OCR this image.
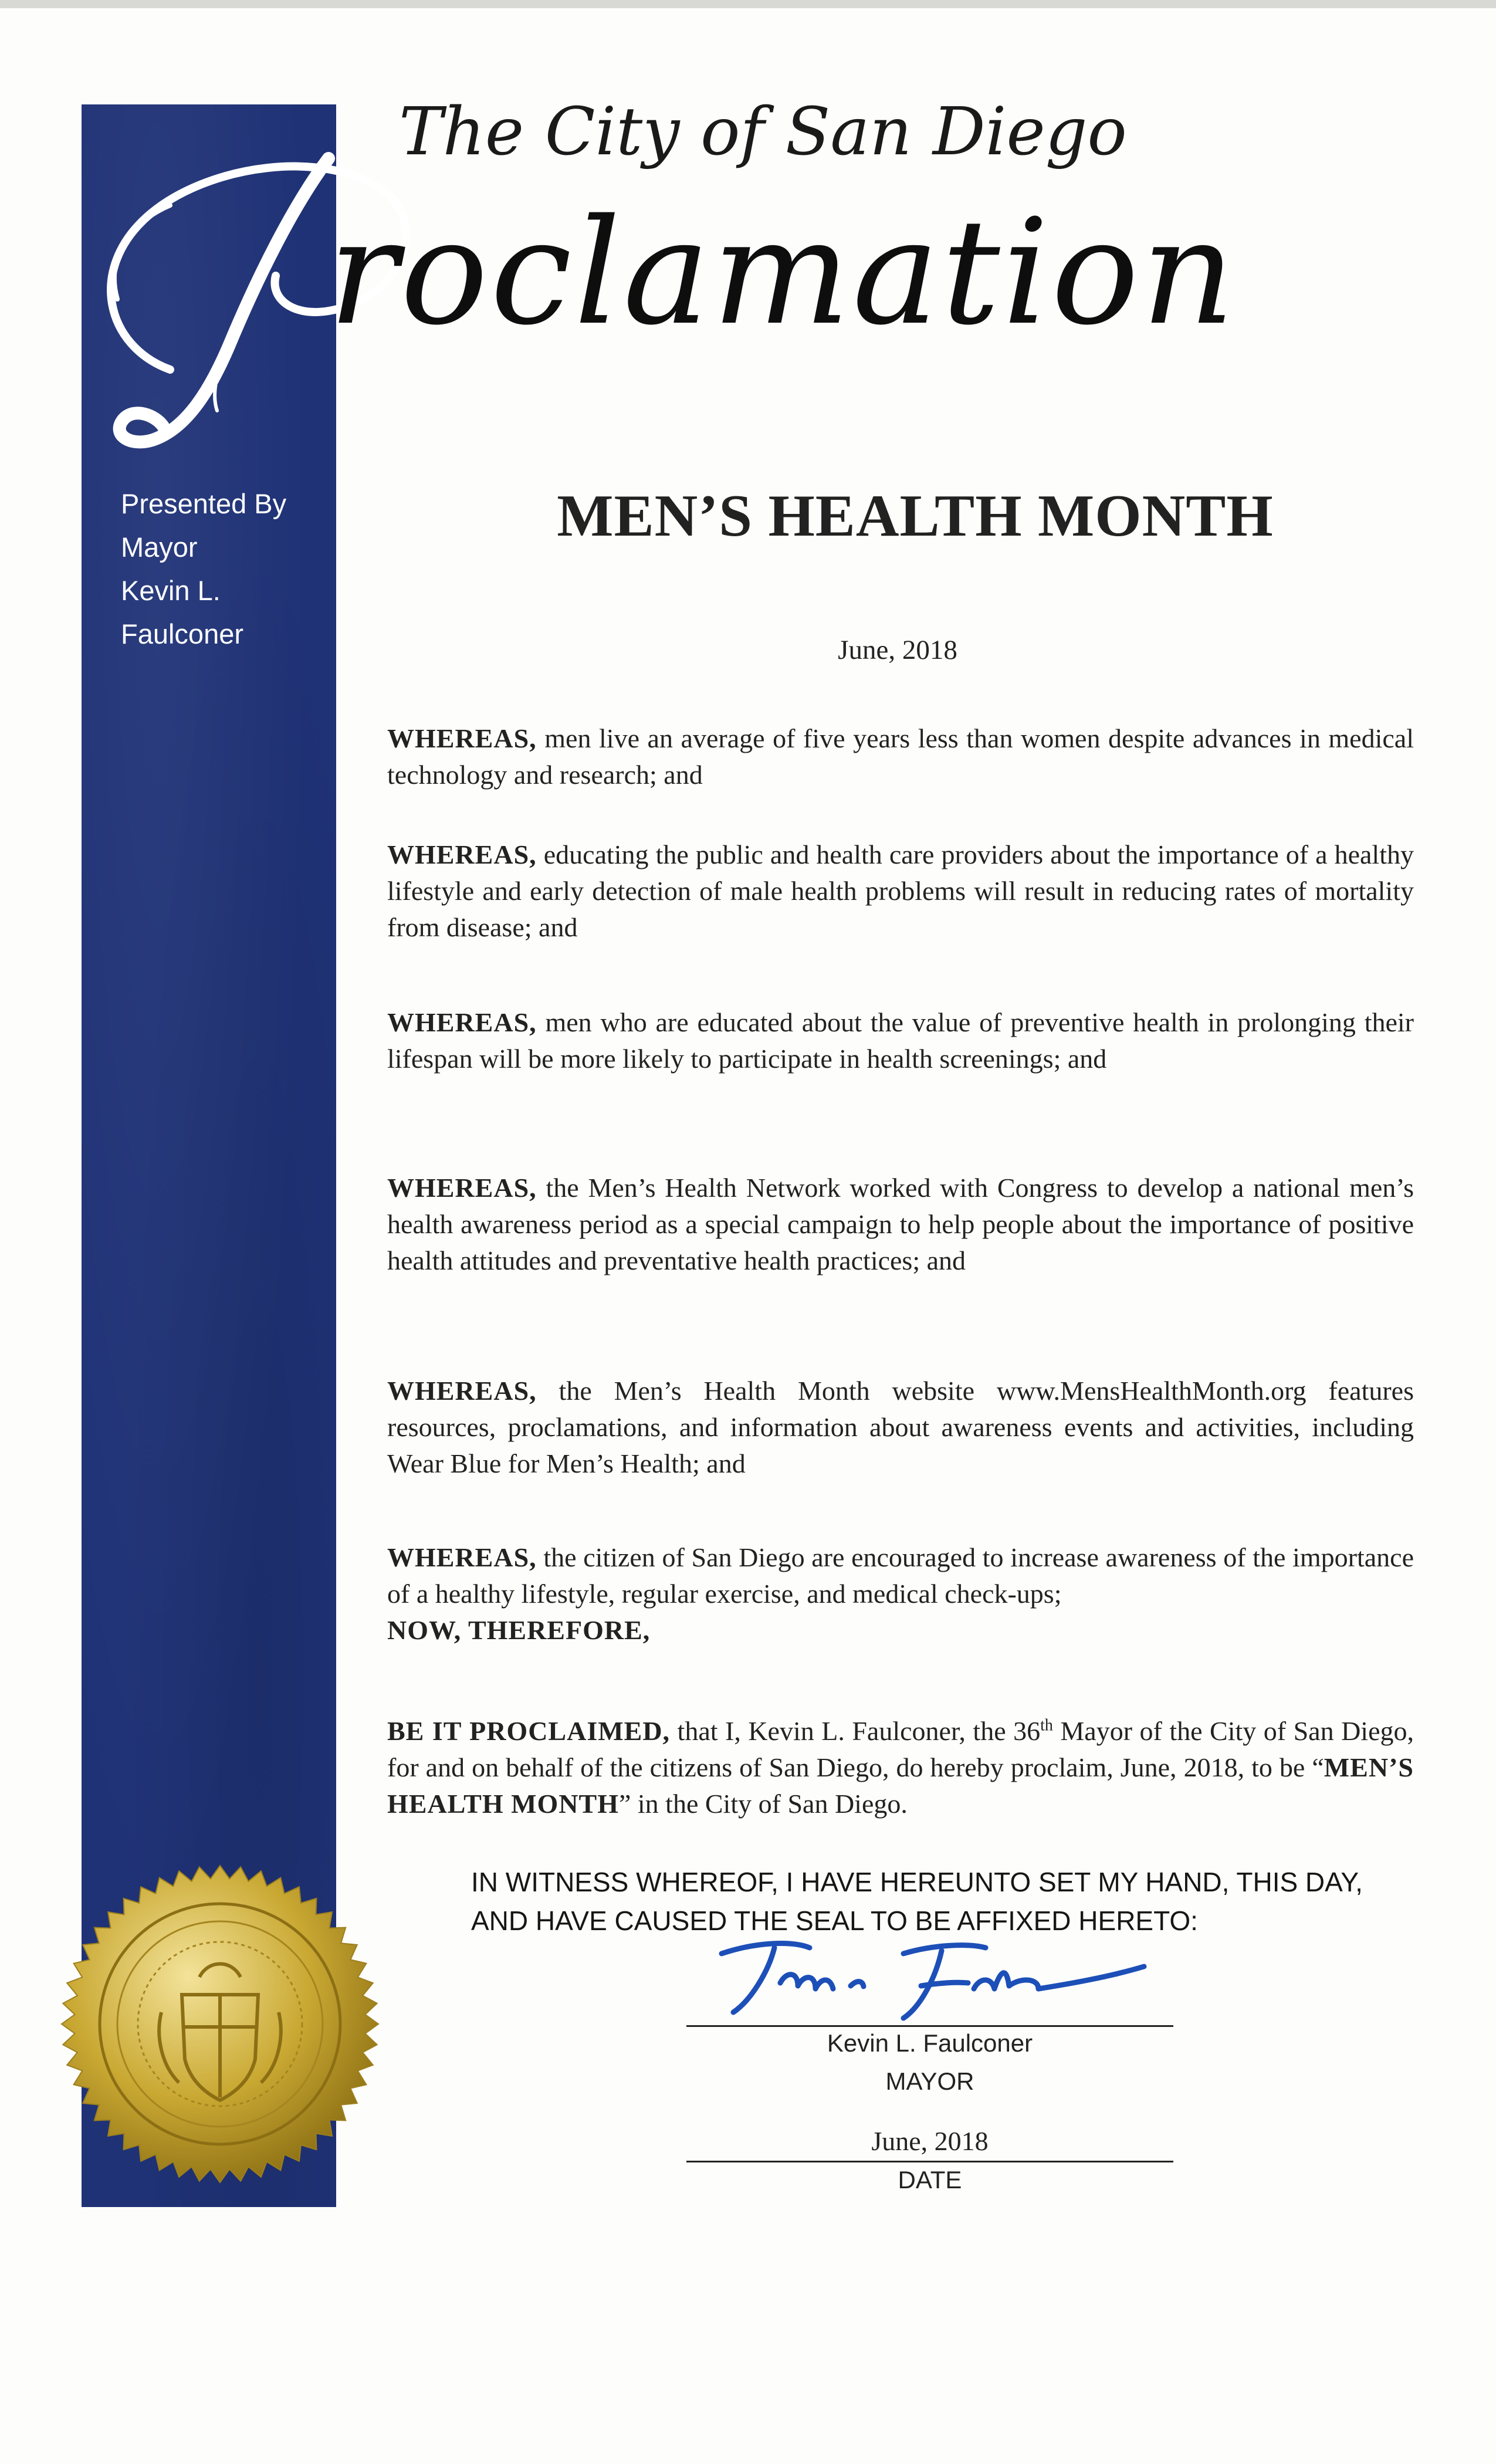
Presented By
Mayor
Kevin L.
Faulconer
The City of San Diego
roclamation
MEN’S HEALTH MONTH
June, 2018
WHEREAS, men live an average of five years less than women despite advances in medical technology and research; and
WHEREAS, educating the public and health care providers about the importance of a healthy lifestyle and early detection of male health problems will result in reducing rates of mortality from disease; and
WHEREAS, men who are educated about the value of preventive health in prolonging their lifespan will be more likely to participate in health screenings; and
WHEREAS, the Men’s Health Network worked with Congress to develop a national men’s health awareness period as a special campaign to help people about the importance of positive health attitudes and preventative health practices; and
WHEREAS, the Men’s Health Month website www.MensHealthMonth.org features resources, proclamations, and information about awareness events and activities, including Wear Blue for Men’s Health; and
WHEREAS, the citizen of San Diego are encouraged to increase awareness of the importance of a healthy lifestyle, regular exercise, and medical check-ups;
NOW, THEREFORE,
BE IT PROCLAIMED, that I, Kevin L. Faulconer, the 36th Mayor of the City of San Diego, for and on behalf of the citizens of San Diego, do hereby proclaim, June, 2018, to be “MEN’S HEALTH MONTH” in the City of San Diego.
IN WITNESS WHEREOF, I HAVE HEREUNTO SET MY HAND, THIS DAY,
AND HAVE CAUSED THE SEAL TO BE AFFIXED HERETO:
Kevin L. Faulconer
MAYOR
June, 2018
DATE
